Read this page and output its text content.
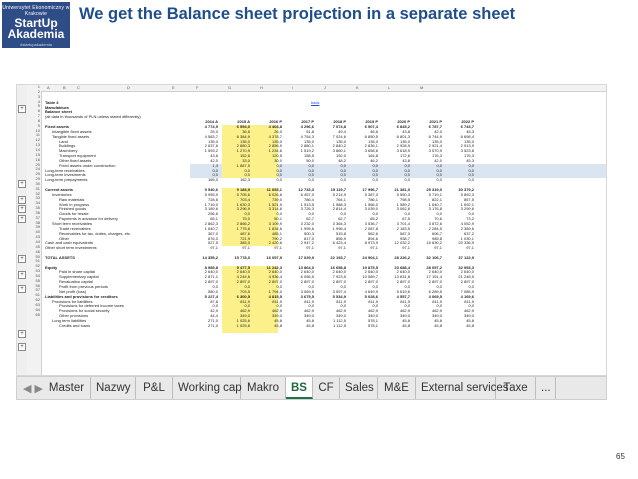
Uniwersytet Ekonomiczny w Krakowie
StartUp
Akademia
#startupakademia
We get the Balance sheet projection in a separate sheet
+
+
+
+
+
+
+
+
+
+
1
2
3
4
5
6
7
8
9
10
11
12
13
14
15
16
20
24
25
29
30
31
32
33
34
35
36
37
38
39
40
43
44
45
46
50
51
52
53
54
55
56
57
61
62
63
64
65
A	B	C	D	E	F	G	H	I	J	K	L	M
Table 3
Manufaktura
Balance sheet
(all data in thousands of PLN unless stated differently)
2014 A	2015 A	2016 P	2017 P	2018 P	2019 P	2020 P	2021 P	2022 P
Fixed assets	4 774,9	6 594,0	4 404,8	4 296,6	7 074,8	6 907,4	6 845,2	6 787,7	6 743,7
Intangible fixed assets	25,0	36,6	26,0	51,8	49,4	46,6	43,8	42,0	45,3
Tangible fixed assets	4 583,7	6 384,9	4 378,7	4 754,3	7 024,6	6 850,5	6 801,3	6 744,9	6 698,4
Land	135,0	135,0	135,0	135,0	135,0	135,0	135,0	135,0	135,0
Buildings	2 637,6	2 880,3	2 856,9	2 880,1	2 840,2	2 836,1	2 928,9	2 921,4	2 913,9
Machinery	1 593,2	1 270,9	1 234,6	1 519,2	3 860,1	3 658,6	3 618,9	3 570,9	3 523,8
Transport equipment	43,6	152,6	120,5	158,5	192,0	164,8	172,6	176,3	176,3
Other fixed assets	42,0	33,0	30,0	50,0	48,2	46,2	43,8	42,0	45,3
Fixed assets under construction	1,3	1 887,5	0,0	0,0	0,0	0,0	0,0	0,0	0,0
Long-term receivables	0,0	0,0	0,0	0,0	0,0	0,0	0,0	0,0	0,0
Long-term investments	0,0	0,0	0,0	0,0	0,0	0,0	0,0	0,0	0,0
Long-term prepayments	165,0	162,3	0,0	0,0	0,0	0,0	0,0	0,0	0,0
Current assets	9 540,6	9 183,9	11 653,1	12 733,3	15 119,7	17 996,7	21 381,0	25 319,0	30 379,2
Inventories	5 955,9	5 705,6	6 026,6	6 457,0	5 214,9	5 387,0	5 550,3	5 719,1	5 892,3
Raw materials	728,6	703,4	739,0	786,4	764,1	786,1	798,5	822,1	857,5
Work in progress	1 716,0	1 630,3	1 521,9	1 513,5	1 588,3	1 566,0	1 589,2	1 640,7	1 692,1
Finished goods	3 189,6	3 296,9	3 314,6	3 726,3	2 814,4	3 039,0	3 062,6	3 176,8	3 299,6
Goods for resale	256,6	0,0	0,0	0,0	0,0	0,0	0,0	0,0	0,0
Payments in advance for delivery	65,1	75,0	50,1	62,7	62,7	65,2	67,5	70,6	73,2
Short term receivables	2 862,3	2 866,2	3 109,9	3 232,0	3 364,3	3 536,7	3 701,4	3 872,6	4 052,9
Trade receivables	1 640,7	1 775,6	1 834,6	1 995,6	1 996,4	2 087,8	2 183,5	2 284,5	2 389,6
Receivables for tax, duties, charges, etc.	367,0	487,6	485,1	500,3	515,8	562,6	587,0	606,7	637,2
Other	876,0	721,9	790,2	817,0	856,9	894,6	938,7	985,8	1 030,1
Cash and cash equivalents	527,5	385,0	2 420,6	2 947,2	6 423,4	8 973,9	12 032,2	15 630,2	20 336,9
Other short term investments	97,1	97,1	97,1	97,1	97,1	97,1	97,1	97,1	97,1
TOTAL ASSETS	14 355,2	15 778,0	16 057,9	17 029,9	22 193,7	24 904,1	28 226,2	32 106,7	37 122,9
Equity	8 989,8	9 477,5	11 242,3	13 864,0	16 658,8	19 875,5	23 688,4	28 057,2	32 953,3
Paid in share capital	2 640,0	2 640,0	2 640,0	2 640,0	2 640,0	2 640,0	2 640,0	2 640,0	2 640,0
Supplementary capital	2 871,1	4 244,6	4 936,4	6 056,5	7 923,5	10 589,7	13 631,8	17 151,4	21 248,5
Revaluation capital	2 897,0	2 897,0	2 897,0	2 897,0	2 897,0	2 897,0	2 897,0	2 897,0	2 897,0
Profit from previous periods	0,0	0,0	0,0	0,0	0,0	0,0	0,0	0,0	0,0
Net profit (loss)	580,0	703,5	1 794,0	3 069,5	3 597,4	4 649,9	5 619,6	6 289,5	7 085,9
Liabilities and provisions for creditors	5 227,4	6 300,5	4 815,5	3 675,5	5 534,9	5 028,6	4 557,7	4 069,5	4 169,6
Provisions for liabilities	87,8	811,9	811,9	811,9	811,9	811,9	811,9	811,9	811,9
Provisions for deferred income taxes	0,0	0,0	0,0	0,0	0,0	0,0	0,0	0,0	0,0
Provisions for social security	42,9	462,9	462,9	462,9	462,9	462,9	462,9	462,9	462,9
Other provisions	44,4	349,0	349,0	349,0	349,0	349,0	349,0	349,0	349,0
Long term liabilities	271,0	1 025,6	45,8	45,8	1 112,5	578,1	45,8	45,8	45,8
Credits and loans	271,0	1 025,6	45,8	45,8	1 112,5	578,1	45,8	45,8	45,8
back
◀ ▶ Master	Nazwy	P&L	Working cap Makro	BS CF Sales M&E	External services
Taxe	...
65
